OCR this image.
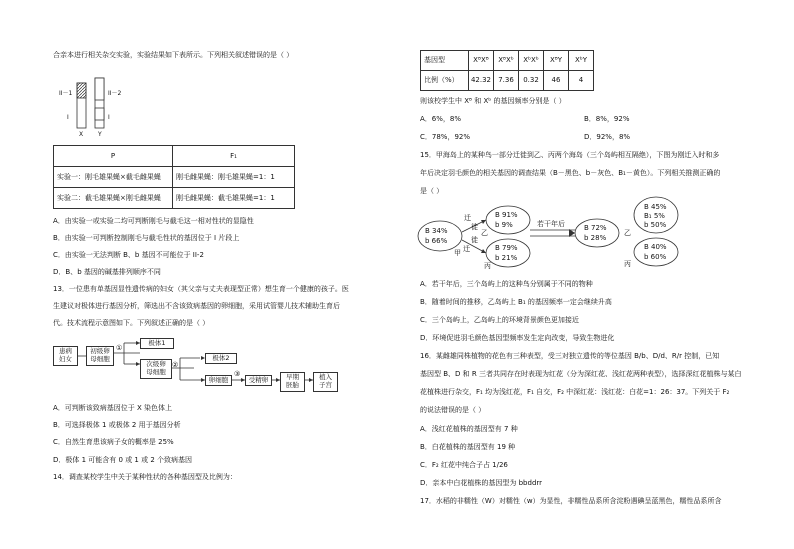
合亲本进行相关杂交实验，实验结果如下表所示。下列相关叙述错误的是（ ）
II－1	II－2
I	I
X Y
P	F₁
实验一：刚毛雄果蝇×截毛雌果蝇	刚毛雌果蝇：刚毛雄果蝇=1：1
实验二：截毛雄果蝇×刚毛雌果蝇	刚毛雌果蝇：截毛雄果蝇=1：1
A．由实验一或实验二均可判断刚毛与截毛这一相对性状的显隐性
B．由实验一可判断控制刚毛与截毛性状的基因位于 I 片段上
C．由实验一无法判断 B、b 基因不可能位于 II-2
D．B、b 基因的碱基排列顺序不同
13．一位患有单基因显性遗传病的妇女（其父亲与丈夫表现型正常）想生育一个健康的孩子。医
生建议对极体进行基因分析，筛选出不含该致病基因的卵细胞，采用试管婴儿技术辅助生育后
代。技术流程示意图如下。下列叙述正确的是（ ）
患病
妇女
初级卵
母细胞
①
极体1
次级卵
母细胞
②
极体2
卵细胞
③
受精卵	早期
胚胎
植入
子宫
A．可判断该致病基因位于 X 染色体上
B．可选择极体 1 或极体 2 用于基因分析
C．自然生育患该病子女的概率是 25%
D．极体 1 可能含有 0 或 1 或 2 个致病基因
14．调查某校学生中关于某种性状的各种基因型及比例为：
基因型	XᴮXᴮ	XᴮXᵇ	XᵇXᵇ	XᴮY	XᵇY
比例（%）	42.32	7.36	0.32	46	4
则该校学生中 Xᴮ 和 Xᵇ 的基因频率分别是（ ）
A．6%，8%	B．8%，92%
C．78%，92%	D．92%，8%
15．甲海岛上的某种鸟一部分迁徙到乙、丙两个海岛（三个岛屿相互隔绝），下图为刚迁入时和多
年后决定羽毛颜色的相关基因的调查结果（B－黑色、b－灰色、B₁－黄色）。下列相关推测正确的
是（ ）
B 34%
b 66%
甲
迁
徙
迁
徙
B 91%
b 9%
乙
B 79%
b 21%
丙
若干年后	B 72%
b 28%
乙
B 45%
B₁ 5%
b 50%
B 40%
b 60%
丙
A．若干年后，三个岛屿上的这种鸟分别属于不同的物种
B．随着时间的推移，乙岛屿上 B₁ 的基因频率一定会继续升高
C．三个岛屿上，乙岛屿上的环境背景颜色更加接近
D．环境促进羽毛颜色基因型频率发生定向改变，导致生物进化
16．某雌雄同株植物的花色有三种表型，受三对独立遗传的等位基因 B/b、D/d、R/r 控制，已知
基因型 B、D 和 R 三者共同存在时表现为红花（分为深红花、浅红花两种表型），选择深红花植株与某白
花植株进行杂交，F₁ 均为浅红花，F₁ 自交，F₂ 中深红花：浅红花：白花=1：26：37。下列关于 F₂
的说法错误的是（ ）
A．浅红花植株的基因型有 7 种
B．白花植株的基因型有 19 种
C．F₂ 红花中纯合子占 1/26
D．亲本中白花植株的基因型为 bbddrr
17．水稻的非糯性（W）对糯性（w）为显性，非糯性品系所含淀粉遇碘呈蓝黑色，糯性品系所含
